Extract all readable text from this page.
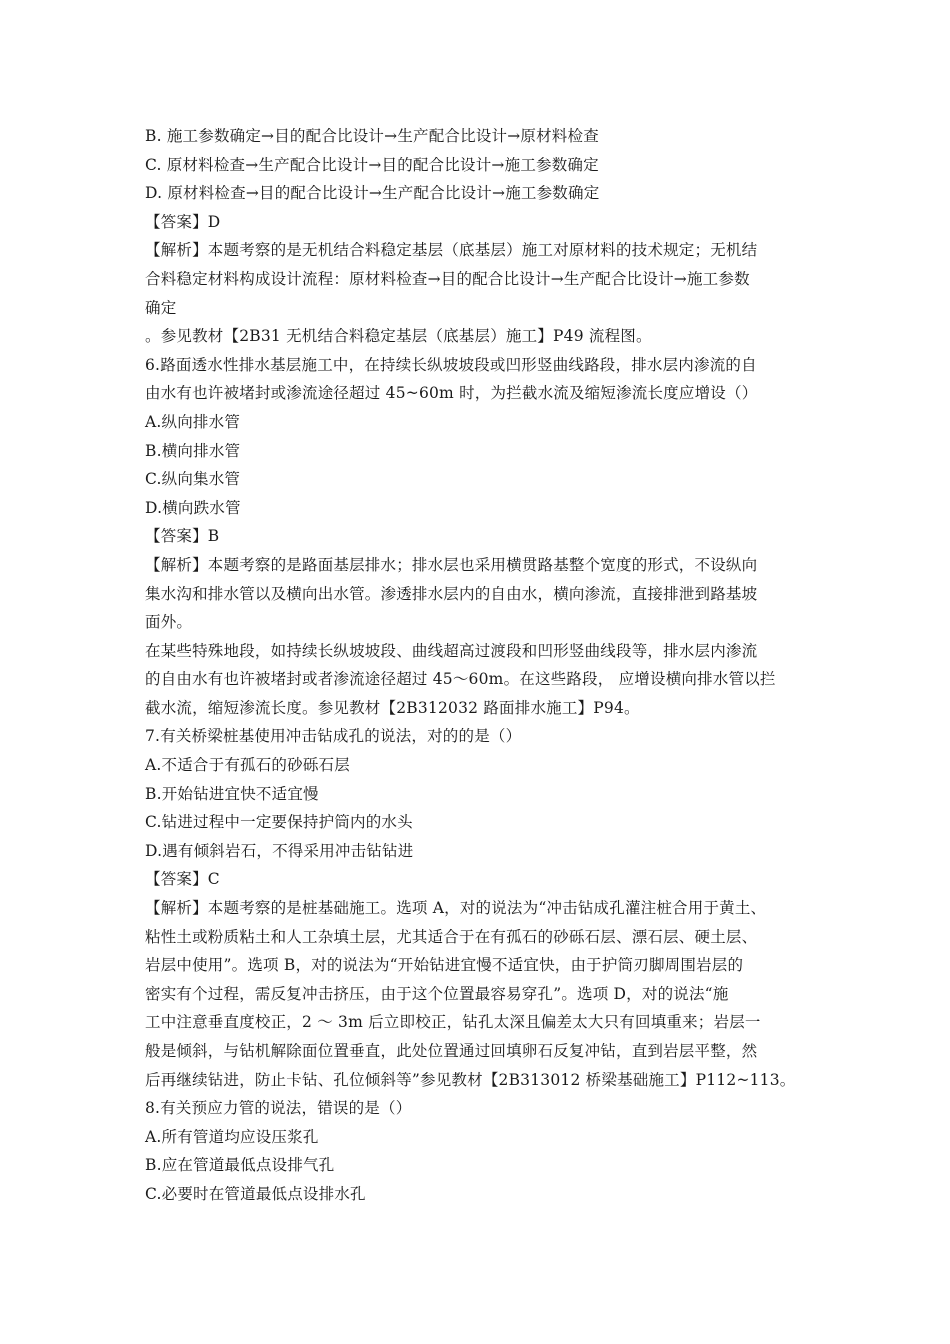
B. 施工参数确定→目的配合比设计→生产配合比设计→原材料检查
C. 原材料检查→生产配合比设计→目的配合比设计→施工参数确定
D. 原材料检查→目的配合比设计→生产配合比设计→施工参数确定
【答案】D
【解析】本题考察的是无机结合料稳定基层（底基层）施工对原材料的技术规定；无机结
合料稳定材料构成设计流程：原材料检查→目的配合比设计→生产配合比设计→施工参数
确定
。参见教材【2B31 无机结合料稳定基层（底基层）施工】P49 流程图。
6.路面透水性排水基层施工中，在持续长纵坡坡段或凹形竖曲线路段，排水层内渗流的自
由水有也许被堵封或渗流途径超过 45~60m 时，为拦截水流及缩短渗流长度应增设（）
A.纵向排水管
B.横向排水管
C.纵向集水管
D.横向跌水管
【答案】B
【解析】本题考察的是路面基层排水；排水层也采用横贯路基整个宽度的形式，不设纵向
集水沟和排水管以及横向出水管。渗透排水层内的自由水，横向渗流，直接排泄到路基坡
面外。
在某些特殊地段，如持续长纵坡坡段、曲线超高过渡段和凹形竖曲线段等，排水层内渗流
的自由水有也许被堵封或者渗流途径超过 45～60m。在这些路段， 应增设横向排水管以拦
截水流，缩短渗流长度。参见教材【2B312032 路面排水施工】P94。
7.有关桥梁桩基使用冲击钻成孔的说法，对的的是（）
A.不适合于有孤石的砂砾石层
B.开始钻进宜快不适宜慢
C.钻进过程中一定要保持护筒内的水头
D.遇有倾斜岩石，不得采用冲击钻钻进
【答案】C
【解析】本题考察的是桩基础施工。选项 A，对的说法为“冲击钻成孔灌注桩合用于黄土、
粘性土或粉质粘土和人工杂填土层，尤其适合于在有孤石的砂砾石层、漂石层、硬土层、
岩层中使用”。选项 B，对的说法为“开始钻进宜慢不适宜快，由于护筒刃脚周围岩层的
密实有个过程，需反复冲击挤压，由于这个位置最容易穿孔”。选项 D，对的说法“施
工中注意垂直度校正，2 ～ 3m 后立即校正，钻孔太深且偏差太大只有回填重来；岩层一
般是倾斜，与钻机解除面位置垂直，此处位置通过回填卵石反复冲钻，直到岩层平整，然
后再继续钻进，防止卡钻、孔位倾斜等”参见教材【2B313012 桥梁基础施工】P112~113。
8.有关预应力管的说法，错误的是（）
A.所有管道均应设压浆孔
B.应在管道最低点设排气孔
C.必要时在管道最低点设排水孔
